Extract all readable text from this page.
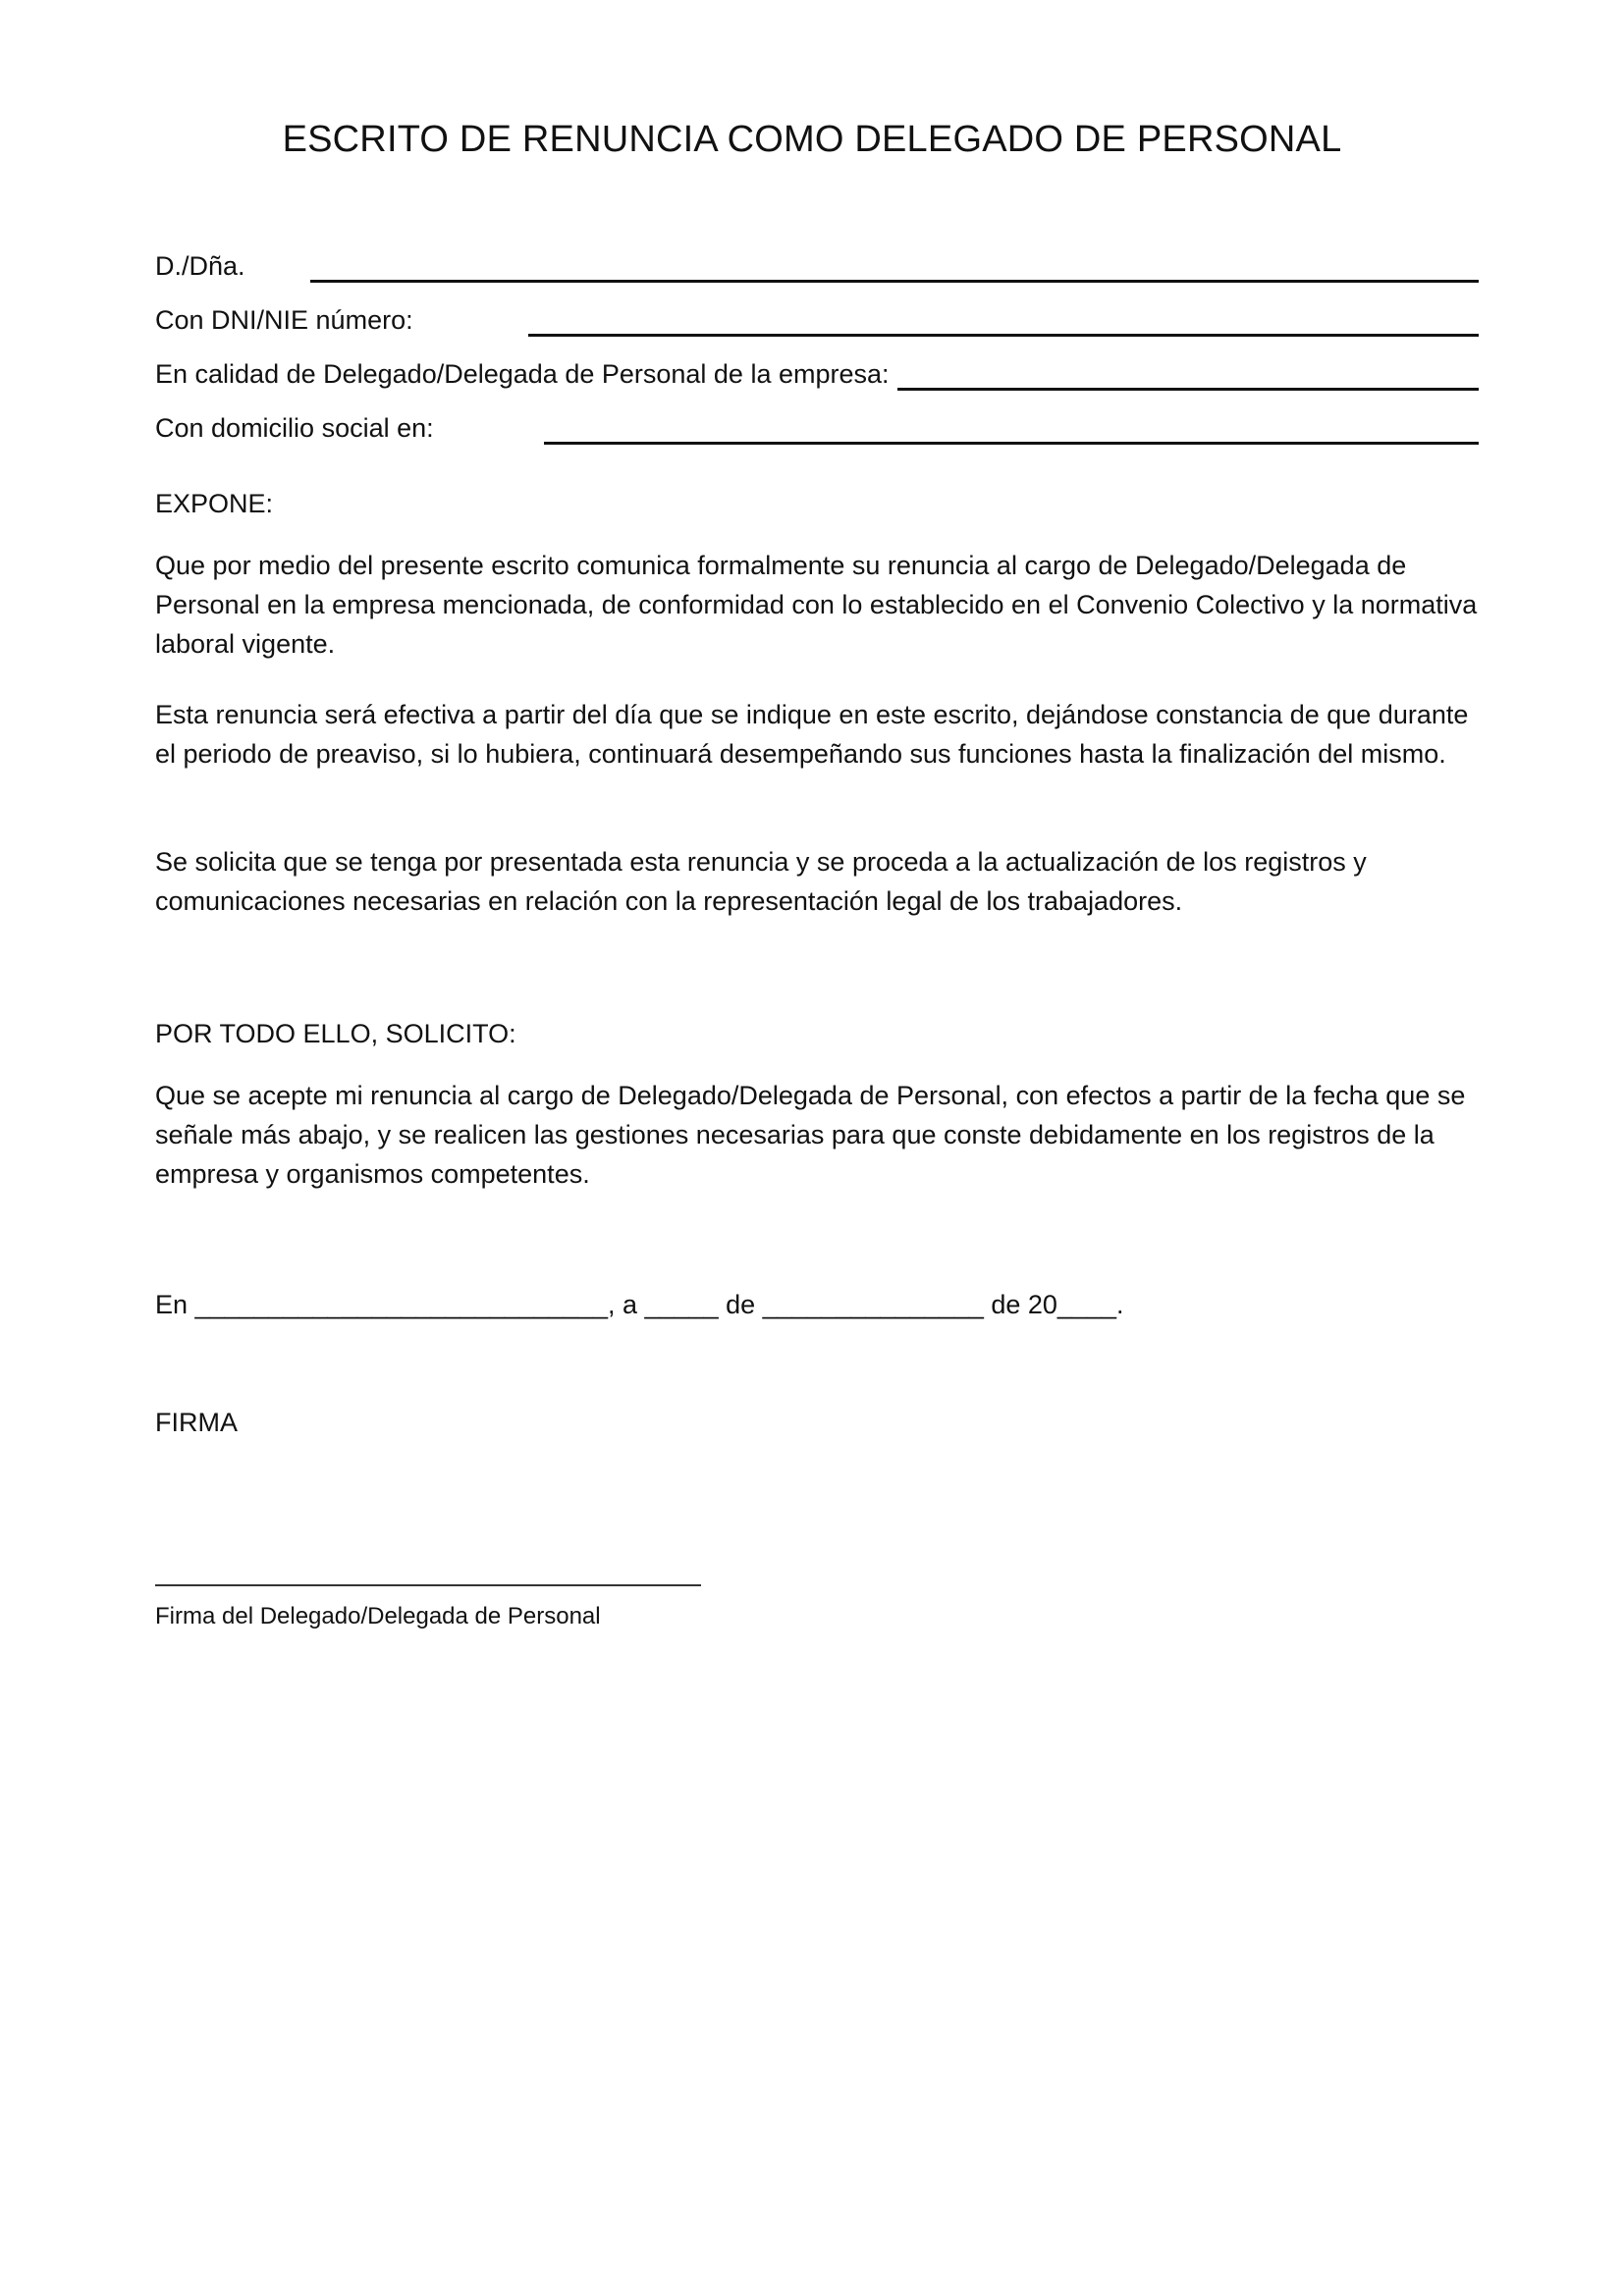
ESCRITO DE RENUNCIA COMO DELEGADO DE PERSONAL
D./Dña.
Con DNI/NIE número:
En calidad de Delegado/Delegada de Personal de la empresa:
Con domicilio social en:
EXPONE:

Que por medio del presente escrito comunica formalmente su renuncia al cargo de Delegado/Delegada de Personal en la empresa mencionada, de conformidad con lo establecido en el Convenio Colectivo y la normativa laboral vigente.

Esta renuncia será efectiva a partir del día que se indique en este escrito, dejándose constancia de que durante el periodo de preaviso, si lo hubiera, continuará desempeñando sus funciones hasta la finalización del mismo.

Se solicita que se tenga por presentada esta renuncia y se proceda a la actualización de los registros y comunicaciones necesarias en relación con la representación legal de los trabajadores.

POR TODO ELLO, SOLICITO:

Que se acepte mi renuncia al cargo de Delegado/Delegada de Personal, con efectos a partir de la fecha que se señale más abajo, y se realicen las gestiones necesarias para que conste debidamente en los registros de la empresa y organismos competentes.

En ____________________________, a _____ de _______________ de 20____.
FIRMA
Firma del Delegado/Delegada de Personal
